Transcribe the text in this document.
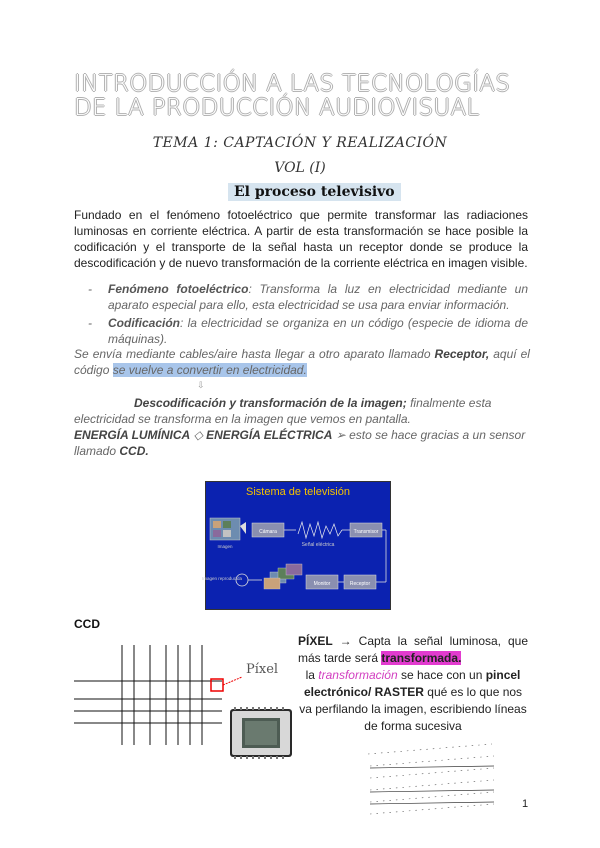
INTRODUCCIÓN A LAS TECNOLOGÍAS DE LA PRODUCCIÓN AUDIOVISUAL
TEMA 1: CAPTACIÓN Y REALIZACIÓN
VOL (I)
El proceso televisivo
Fundado en el fenómeno fotoeléctrico que permite transformar las radiaciones luminosas en corriente eléctrica. A partir de esta transformación se hace posible la codificación y el transporte de la señal hasta un receptor donde se produce la descodificación y de nuevo transformación de la corriente eléctrica en imagen visible.
-	Fenómeno fotoeléctrico: Transforma la luz en electricidad mediante un aparato especial para ello, esta electricidad se usa para enviar información.
-	Codificación: la electricidad se organiza en un código (especie de idioma de máquinas).
Se envía mediante cables/aire hasta llegar a otro aparato llamado Receptor, aquí el código se vuelve a convertir en electricidad.
⇩
Descodificación y transformación de la imagen; finalmente esta electricidad se transforma en la imagen que vemos en pantalla.
ENERGÍA LUMÍNICA ◇ ENERGÍA ELÉCTRICA ➢ esto se hace gracias a un sensor llamado CCD.
Sistema de televisión
Cámara
Señal eléctrica
Transmisor
Imagen
Receptor
Monitor
Imagen reproducida
CCD
Píxel
PÍXEL → Capta la señal luminosa, que más tarde será transformada.
la transformación se hace con un pincel electrónico/ RASTER qué es lo que nos va perfilando la imagen, escribiendo líneas de forma sucesiva
1
